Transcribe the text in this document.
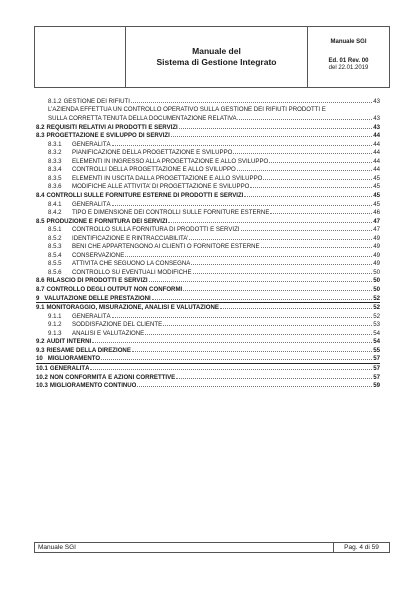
Manuale del
Sistema di Gestione Integrato
Manuale SGI
Ed. 01 Rev. 00
del 22.01.2019
8.1.2 GESTIONE DEI RIFIUTI	43
L’AZIENDA EFFETTUA UN CONTROLLO OPERATIVO SULLA GESTIONE DEI RIFIUTI PRODOTTI E
SULLA CORRETTA TENUTA DELLA DOCUMENTAZIONE RELATIVA.	43
8.2 REQUISITI RELATIVI AI PRODOTTI E SERVIZI	43
8.3 PROGETTAZIONE E SVILUPPO DI SERVIZI	44
8.3.1	GENERALITÀ	44
8.3.2	PIANIFICAZIONE DELLA PROGETTAZIONE E SVILUPPO	44
8.3.3	ELEMENTI IN INGRESSO ALLA PROGETTAZIONE E ALLO SVILUPPO	44
8.3.4	CONTROLLI DELLA PROGETTAZIONE E ALLO SVILUPPO	44
8.3.5	ELEMENTI IN USCITA DALLA PROGETTAZIONE E ALLO SVILUPPO	45
8.3.6	MODIFICHE ALLE ATTIVITA’ DI PROGETTAZIONE E SVILUPPO	45
8.4 CONTROLLI SULLE FORNITURE ESTERNE DI PRODOTTI E SERVIZI	45
8.4.1	GENERALITÀ	45
8.4.2	TIPO E DIMENSIONE DEI CONTROLLI SULLE FORNITURE ESTERNE	46
8.5 PRODUZIONE E FORNITURA DEI SERVIZI	47
8.5.1	CONTROLLO SULLA FORNITURA DI PRODOTTI E SERVIZI	47
8.5.2	IDENTIFICAZIONE E RINTRACCIABILITA’	49
8.5.3	BENI CHE APPARTENGONO AI CLIENTI O FORNITORE ESTERNE	49
8.5.4	CONSERVAZIONE	49
8.5.5	ATTIVITA CHE SEGUONO LA CONSEGNA	49
8.5.6	CONTROLLO SU EVENTUALI MODIFICHE	50
8.6 RILASCIO DI PRODOTTI E SERVIZI	50
8.7 CONTROLLO DEGLI OUTPUT NON CONFORMI	50
9 VALUTAZIONE DELLE PRESTAZIONI	52
9.1 MONITORAGGIO, MISURAZIONE, ANALISI E VALUTAZIONE	52
9.1.1	GENERALITÀ	52
9.1.2	SODDISFAZIONE DEL CLIENTE	53
9.1.3	ANALISI E VALUTAZIONE	54
9.2 AUDIT INTERNI	54
9.3 RIESAME DELLA DIREZIONE	55
10 MIGLIORAMENTO	57
10.1 GENERALITÀ	57
10.2 NON CONFORMITÀ E AZIONI CORRETTIVE	57
10.3 MIGLIORAMENTO CONTINUO	59
Manuale SGI	Pag. 4 di 59
